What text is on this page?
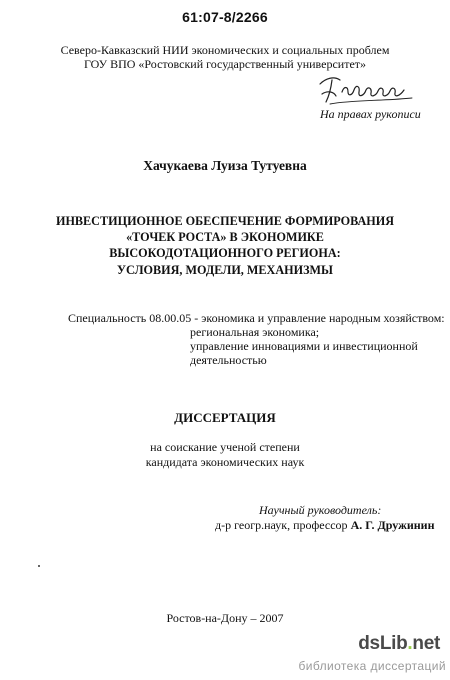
61:07-8/2266
Северо-Кавказский НИИ экономических и социальных проблем
ГОУ ВПО «Ростовский государственный университет»
На правах рукописи
Хачукаева Луиза Тутуевна
ИНВЕСТИЦИОННОЕ ОБЕСПЕЧЕНИЕ ФОРМИРОВАНИЯ
«ТОЧЕК РОСТА» В ЭКОНОМИКЕ
ВЫСОКОДОТАЦИОННОГО РЕГИОНА:
УСЛОВИЯ, МОДЕЛИ, МЕХАНИЗМЫ
Специальность 08.00.05 - экономика и управление народным хозяйством:
региональная экономика;
управление инновациями и инвестиционной
деятельностью
ДИССЕРТАЦИЯ
на соискание ученой степени
кандидата экономических наук
Научный руководитель:
д-р геогр.наук, профессор А. Г. Дружинин
Ростов-на-Дону – 2007
dsLib.net
библиотека диссертаций
